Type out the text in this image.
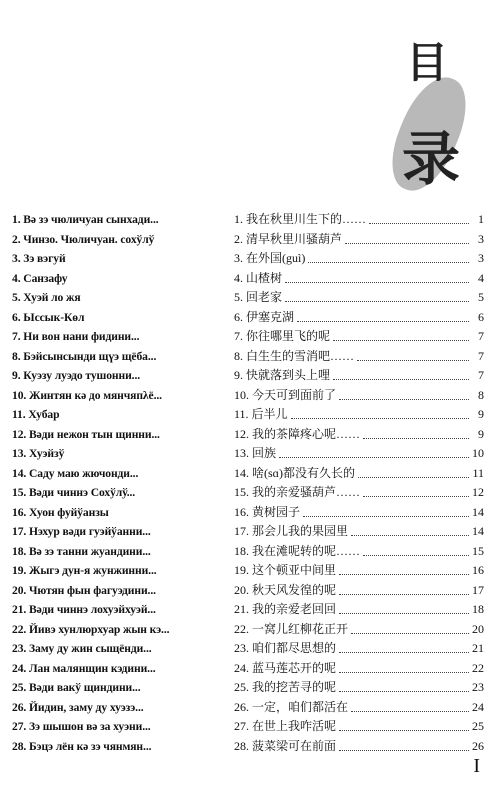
目
录
1. Вә зэ чюличуан сынхади...
2. Чинзо. Чюличуан. сохўлў
3. Зэ вэгуй
4. Санзафу
5. Хуэй ло жя
6. Ыссык-Көл
7. Ни вон нани фидини...
8. Бэйсынсынди щүэ щёба...
9. Куэзу луэдо тушонни...
10. Жинтян кә до мянчяпλё...
11. Хубар
12. Вәди нежон тын щинни...
13. Хуэйзў
14. Саду маю жючонди...
15. Вәди чиннэ Сохўлў...
16. Хуон фуйўанзы
17. Нэхур вәди гуэйўанни...
18. Вә зэ танни жуандини...
19. Жыгэ дун-я жунжинни...
20. Чютян фын фагуэдини...
21. Вәди чиннэ лохуэйхуэй...
22. Йивэ хунлюрхуар жын кэ...
23. Заму ду жин сыщёнди...
24. Лан малянщин кэдини...
25. Вәди вакў щиндини...
26. Йидин, заму ду хуэзэ...
27. Зэ шышон вә за хуэни...
28. Бэцэ лён кә зэ чянмян...
1. 我在秋里川生下的……	1
2. 清早秋里川骚葫芦	3
3. 在外国(guì)	3
4. 山楂树	4
5. 回老家	5
6. 伊塞克湖	6
7. 你往哪里飞的呢	7
8. 白生生的雪消吧……	7
9. 快就落到头上哩	7
10. 今天可到面前了	8
11. 后半儿	9
12. 我的茶障疼心呢……	9
13. 回族	10
14. 啥(sɑ)都没有久长的	11
15. 我的亲爱骚葫芦……	12
16. 黄树园子	14
17. 那会儿我的果园里	14
18. 我在滩呢转的呢……	15
19. 这个顿亚中间里	16
20. 秋天风发徨的呢	17
21. 我的亲爱老回回	18
22. 一窝儿红柳花正开	20
23. 咱们都尽思想的	21
24. 蓝马莲芯开的呢	22
25. 我的挖苦寻的呢	23
26. 一定，咱们都活在	24
27. 在世上我咋活呢	25
28. 菠菜梁可在前面	26
I
